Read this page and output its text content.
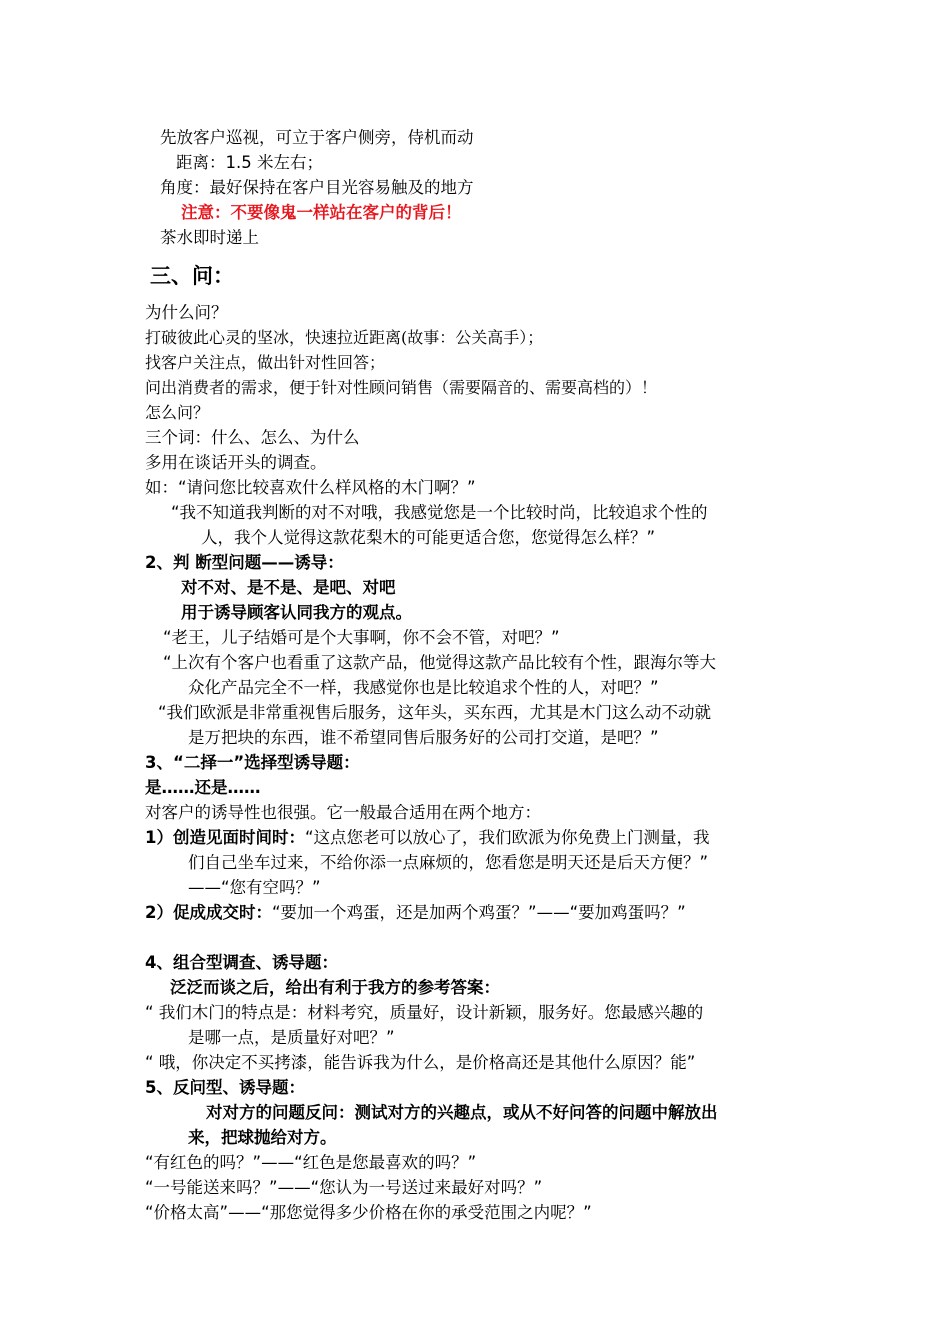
先放客户巡视，可立于客户侧旁，侍机而动
距离：1.5 米左右；
角度：最好保持在客户目光容易触及的地方
注意：不要像鬼一样站在客户的背后！
茶水即时递上
三、问：
为什么问？
打破彼此心灵的坚冰，快速拉近距离(故事：公关高手）；
找客户关注点，做出针对性回答；
问出消费者的需求，便于针对性顾问销售（需要隔音的、需要高档的）！
怎么问？
三个词：什么、怎么、为什么
多用在谈话开头的调查。
如：“请问您比较喜欢什么样风格的木门啊？”
“我不知道我判断的对不对哦，我感觉您是一个比较时尚，比较追求个性的
人，我个人觉得这款花梨木的可能更适合您，您觉得怎么样？”
2、判 断型问题——诱导：
对不对、是不是、是吧、对吧
用于诱导顾客认同我方的观点。
“老王，儿子结婚可是个大事啊，你不会不管，对吧？”
“上次有个客户也看重了这款产品，他觉得这款产品比较有个性，跟海尔等大
众化产品完全不一样，我感觉你也是比较追求个性的人，对吧？”
“我们欧派是非常重视售后服务，这年头，买东西，尤其是木门这么动不动就
是万把块的东西，谁不希望同售后服务好的公司打交道，是吧？”
3、“二择一”选择型诱导题：
是……还是……
对客户的诱导性也很强。它一般最合适用在两个地方：
1）创造见面时间时：“这点您老可以放心了，我们欧派为你免费上门测量，我
们自己坐车过来，不给你添一点麻烦的，您看您是明天还是后天方便？”
——“您有空吗？”
2）促成成交时：“要加一个鸡蛋，还是加两个鸡蛋？”——“要加鸡蛋吗？”
4、组合型调查、诱导题：
泛泛而谈之后，给出有利于我方的参考答案：
“ 我们木门的特点是：材料考究，质量好，设计新颖，服务好。您最感兴趣的
是哪一点，是质量好对吧？”
“ 哦，你决定不买拷漆，能告诉我为什么，是价格高还是其他什么原因？能”
5、反问型、诱导题：
对对方的问题反问：测试对方的兴趣点，或从不好问答的问题中解放出
来，把球抛给对方。
“有红色的吗？”——“红色是您最喜欢的吗？”
“一号能送来吗？”——“您认为一号送过来最好对吗？”
“价格太高”——“那您觉得多少价格在你的承受范围之内呢？”
